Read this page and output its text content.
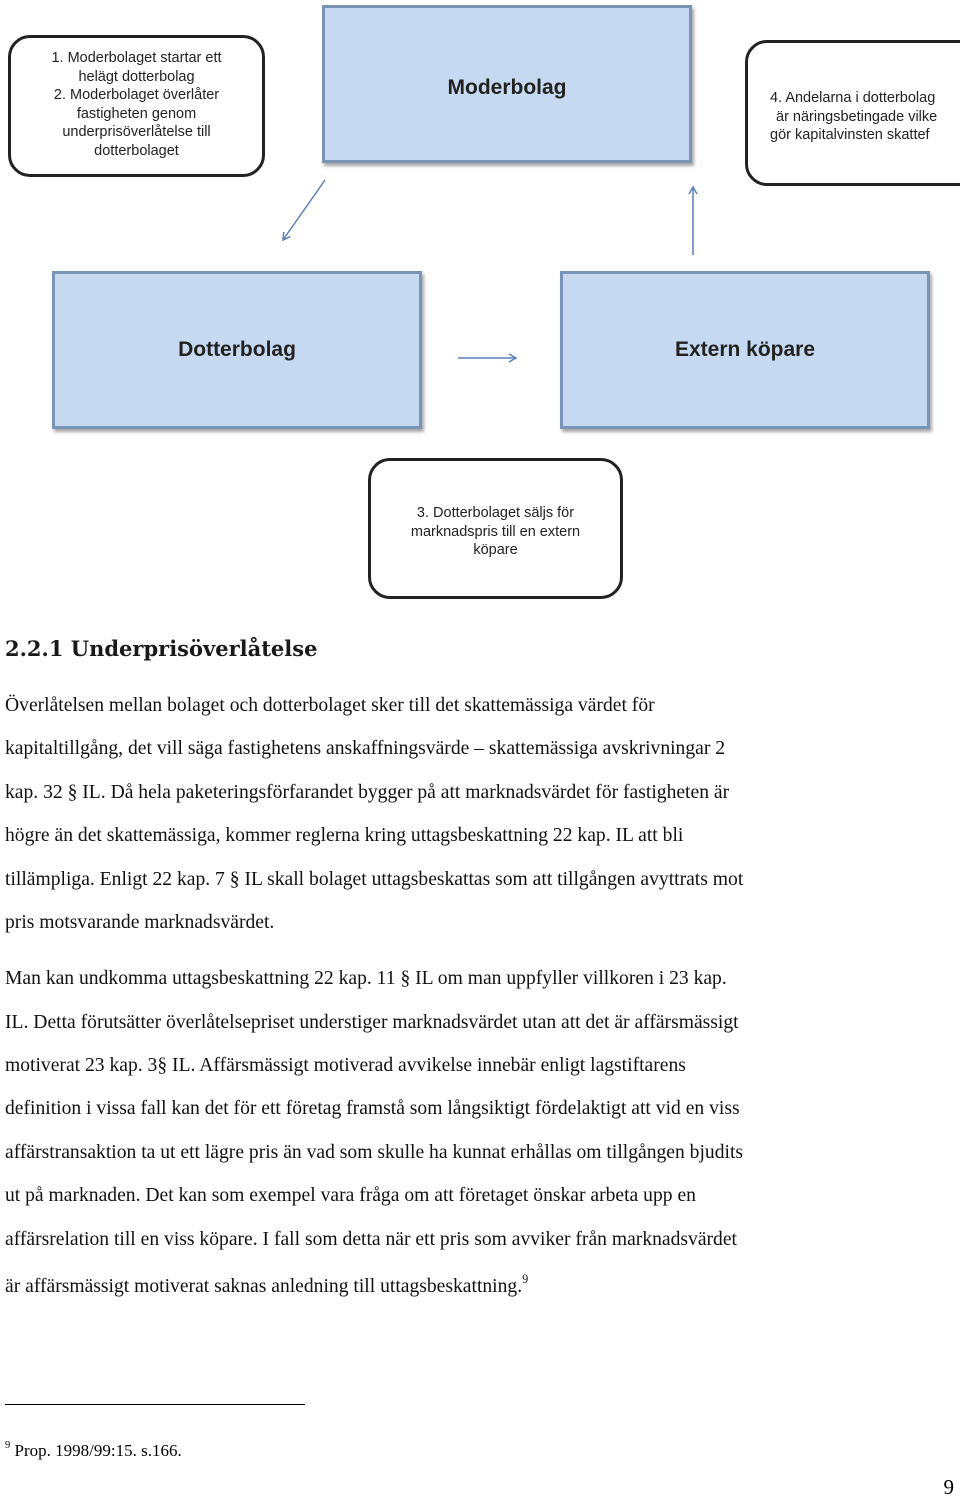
1. Moderbolaget startar ett
helägt dotterbolag
2. Moderbolaget överlåter
fastigheten genom
underprisöverlåtelse till
dotterbolaget
Moderbolag	4. Andelarna i dotterbolag
är näringsbetingade vilke
gör kapitalvinsten skattef
Dotterbolag	Extern köpare
3. Dotterbolaget säljs för
marknadspris till en extern
köpare
2.2.1 Underprisöverlåtelse
Överlåtelsen mellan bolaget och dotterbolaget sker till det skattemässiga värdet för
kapitaltillgång, det vill säga fastighetens anskaffningsvärde – skattemässiga avskrivningar 2
kap. 32 § IL. Då hela paketeringsförfarandet bygger på att marknadsvärdet för fastigheten är
högre än det skattemässiga, kommer reglerna kring uttagsbeskattning 22 kap. IL att bli
tillämpliga. Enligt 22 kap. 7 § IL skall bolaget uttagsbeskattas som att tillgången avyttrats mot
pris motsvarande marknadsvärdet.
Man kan undkomma uttagsbeskattning 22 kap. 11 § IL om man uppfyller villkoren i 23 kap.
IL. Detta förutsätter överlåtelsepriset understiger marknadsvärdet utan att det är affärsmässigt
motiverat 23 kap. 3§ IL. Affärsmässigt motiverad avvikelse innebär enligt lagstiftarens
definition i vissa fall kan det för ett företag framstå som långsiktigt fördelaktigt att vid en viss
affärstransaktion ta ut ett lägre pris än vad som skulle ha kunnat erhållas om tillgången bjudits
ut på marknaden. Det kan som exempel vara fråga om att företaget önskar arbeta upp en
affärsrelation till en viss köpare. I fall som detta när ett pris som avviker från marknadsvärdet
är affärsmässigt motiverat saknas anledning till uttagsbeskattning.$^9$
$^9$ Prop. 1998/99:15. s.166.
9
